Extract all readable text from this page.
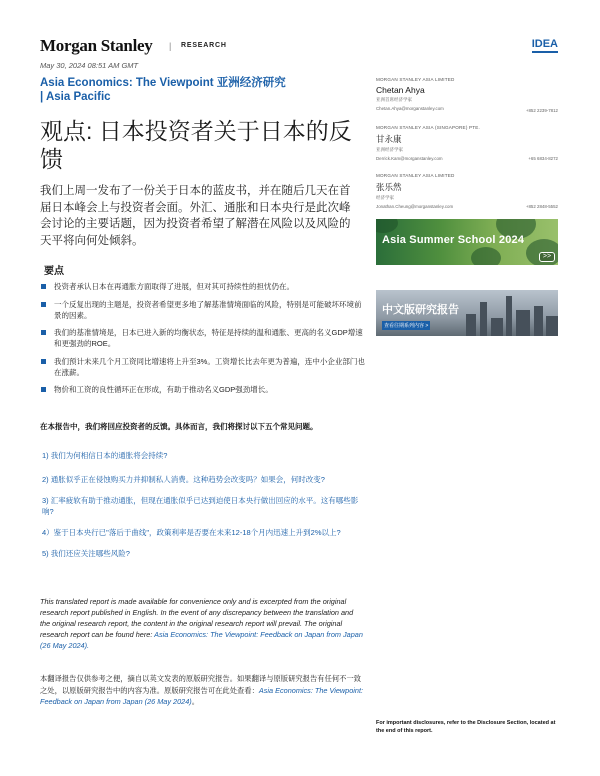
Morgan Stanley | RESEARCH	IDEA
May 30, 2024 08:51 AM GMT
Asia Economics: The Viewpoint 亚洲经济研究
| Asia Pacific
观点: 日本投资者关于日本的反馈

我们上周一发布了一份关于日本的蓝皮书，并在随后几天在首届日本峰会上与投资者会面。外汇、通胀和日本央行是此次峰会讨论的主要话题，因为投资者希望了解潜在风险以及风险的天平将向何处倾斜。

要点
投资者承认日本在再通胀方面取得了进展，但对其可持续性的担忧仍在。
一个反复出现的主题是，投资者希望更多地了解基准情境面临的风险，特别是可能破坏环境前景的因素。
我们的基准情境是，日本已进入新的均衡状态，特征是持续的温和通胀、更高的名义GDP增速和更强劲的ROE。
我们预计未来几个月工资同比增速将上升至3%。工资增长比去年更为普遍，连中小企业部门也在涨薪。
物价和工资的良性循环正在形成，有助于推动名义GDP强劲增长。

在本报告中，我们将回应投资者的反馈。具体而言，我们将探讨以下五个常见问题。

1) 我们为何相信日本的通胀将会持续?
2) 通胀似乎正在侵蚀购买力并抑制私人消费。这种趋势会改变吗？如果会，何时改变?
3) 汇率疲软有助于推动通胀，但现在通胀似乎已达到迫使日本央行做出回应的水平。这有哪些影响?
4）鉴于日本央行已"落后于曲线"，政策利率是否要在未来12-18个月内迅速上升到2%以上?
5) 我们还应关注哪些风险?

This translated report is made available for convenience only and is excerpted from the original research report published in English. In the event of any discrepancy between the translation and the original research report, the content in the original research report will prevail. The original research report can be found here: Asia Economics: The Viewpoint: Feedback on Japan from Japan (26 May 2024).

本翻译报告仅供参考之便，摘自以英文发表的原版研究报告。如果翻译与原版研究报告有任何不一致之处，以原版研究报告中的内容为准。原版研究报告可在此处查看：Asia Economics: The Viewpoint: Feedback on Japan from Japan (26 May 2024)。

MORGAN STANLEY ASIA LIMITED
Chetan Ahya
亚洲首席经济学家
Chetan.Ahya@morganstanley.com	+852 2239-7812
MORGAN STANLEY ASIA (SINGAPORE) PTE.
甘永康
亚洲经济学家
Derrick.Kam@morganstanley.com	+65 6834-8272
MORGAN STANLEY ASIA LIMITED
张乐然
经济学家
Jonathan.Cheung@morganstanley.com	+852 2848-5552
Asia Summer School 2024
>>
中文版研究报告
查看往期系列内容 >
For important disclosures, refer to the Disclosure Section, located at the end of this report.
